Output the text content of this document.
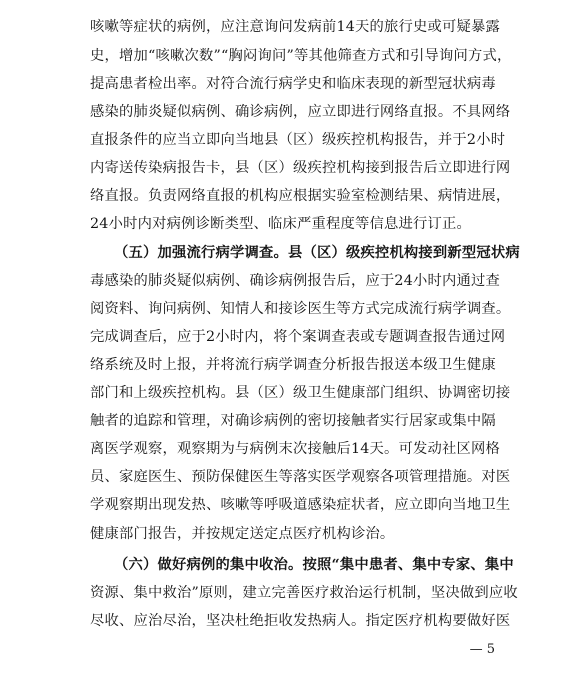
咳嗽等症状的病例，应注意询问发病前14天的旅行史或可疑暴露
史，增加“咳嗽次数”“胸闷询问”等其他筛查方式和引导询问方式，
提高患者检出率。对符合流行病学史和临床表现的新型冠状病毒
感染的肺炎疑似病例、确诊病例，应立即进行网络直报。不具网络
直报条件的应当立即向当地县（区）级疾控机构报告，并于2小时
内寄送传染病报告卡，县（区）级疾控机构接到报告后立即进行网
络直报。负责网络直报的机构应根据实验室检测结果、病情进展，
24小时内对病例诊断类型、临床严重程度等信息进行订正。
（五）加强流行病学调查。县（区）级疾控机构接到新型冠状病
毒感染的肺炎疑似病例、确诊病例报告后，应于24小时内通过查
阅资料、询问病例、知情人和接诊医生等方式完成流行病学调查。
完成调查后，应于2小时内，将个案调查表或专题调查报告通过网
络系统及时上报，并将流行病学调查分析报告报送本级卫生健康
部门和上级疾控机构。县（区）级卫生健康部门组织、协调密切接
触者的追踪和管理，对确诊病例的密切接触者实行居家或集中隔
离医学观察，观察期为与病例末次接触后14天。可发动社区网格
员、家庭医生、预防保健医生等落实医学观察各项管理措施。对医
学观察期出现发热、咳嗽等呼吸道感染症状者，应立即向当地卫生
健康部门报告，并按规定送定点医疗机构诊治。
（六）做好病例的集中收治。按照“集中患者、集中专家、集中
资源、集中救治”原则，建立完善医疗救治运行机制，坚决做到应收
尽收、应治尽治，坚决杜绝拒收发热病人。指定医疗机构要做好医
— 5
